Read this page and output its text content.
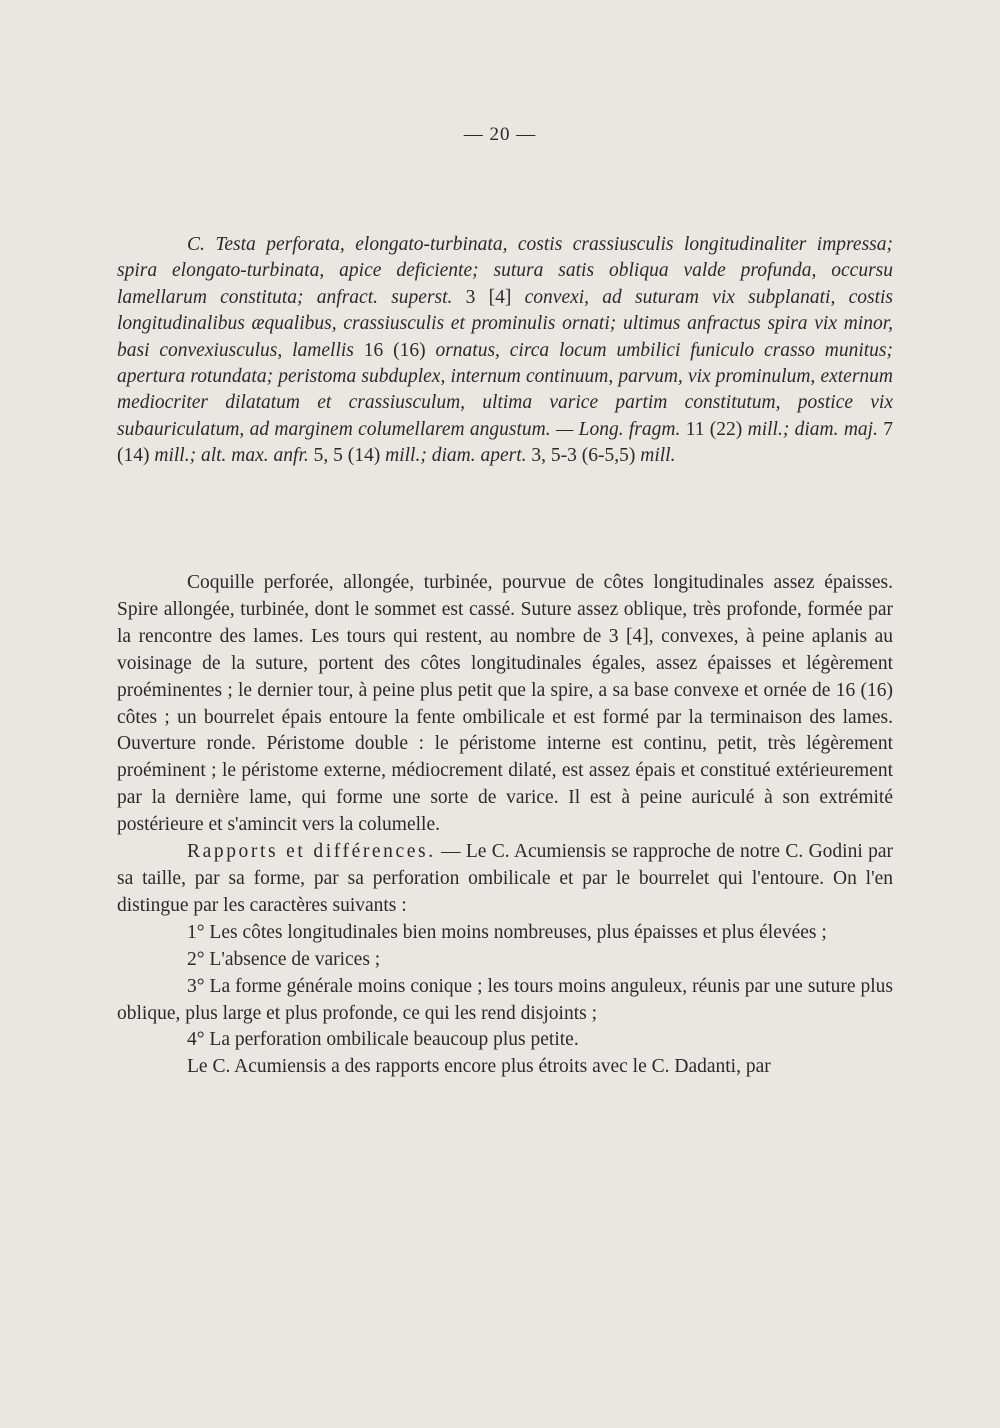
— 20 —

C. Testa perforata, elongato-turbinata, costis crassiusculis longitudinaliter impressa; spira elongato-turbinata, apice deficiente; sutura satis obliqua valde profunda, occursu lamellarum constituta; anfract. superst. 3 [4] convexi, ad suturam vix subplanati, costis longitudinalibus æqualibus, crassiusculis et prominulis ornati; ultimus anfractus spira vix minor, basi convexiusculus, lamellis 16 (16) ornatus, circa locum umbilici funiculo crasso munitus; apertura rotundata; peristoma subduplex, internum continuum, parvum, vix prominulum, externum mediocriter dilatatum et crassiusculum, ultima varice partim constitutum, postice vix subauriculatum, ad marginem columellarem angustum. — Long. fragm. 11 (22) mill.; diam. maj. 7 (14) mill.; alt. max. anfr. 5, 5 (14) mill.; diam. apert. 3, 5-3 (6-5,5) mill.

Coquille perforée, allongée, turbinée, pourvue de côtes longitudinales assez épaisses. Spire allongée, turbinée, dont le sommet est cassé. Suture assez oblique, très profonde, formée par la rencontre des lames. Les tours qui restent, au nombre de 3 [4], convexes, à peine aplanis au voisinage de la suture, portent des côtes longitudinales égales, assez épaisses et légèrement proéminentes ; le dernier tour, à peine plus petit que la spire, a sa base convexe et ornée de 16 (16) côtes ; un bourrelet épais entoure la fente ombilicale et est formé par la terminaison des lames. Ouverture ronde. Péristome double : le péristome interne est continu, petit, très légèrement proéminent ; le péristome externe, médiocrement dilaté, est assez épais et constitué extérieurement par la dernière lame, qui forme une sorte de varice. Il est à peine auriculé à son extrémité postérieure et s'amincit vers la columelle.

Rapports et différences. — Le C. Acumiensis se rapproche de notre C. Godini par sa taille, par sa forme, par sa perforation ombilicale et par le bourrelet qui l'entoure. On l'en distingue par les caractères suivants :

1° Les côtes longitudinales bien moins nombreuses, plus épaisses et plus élevées ;

2° L'absence de varices ;

3° La forme générale moins conique ; les tours moins anguleux, réunis par une suture plus oblique, plus large et plus profonde, ce qui les rend disjoints ;

4° La perforation ombilicale beaucoup plus petite.

Le C. Acumiensis a des rapports encore plus étroits avec le C. Dadanti, par
